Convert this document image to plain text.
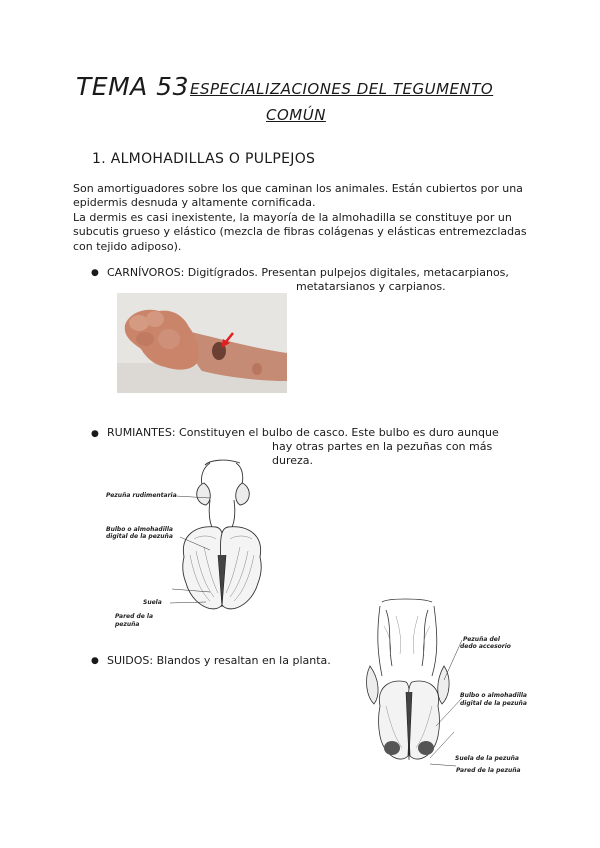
TEMA 53 ESPECIALIZACIONES DEL TEGUMENTO
COMÚN
1. ALMOHADILLAS O PULPEJOS
Son amortiguadores sobre los que caminan los animales. Están cubiertos por una epidermis desnuda y altamente cornificada.
La dermis es casi inexistente, la mayoría de la almohadilla se constituye por un subcutis grueso y elástico (mezcla de fibras colágenas y elásticas entremezcladas con tejido adiposo).
● CARNÍVOROS: Digitígrados. Presentan pulpejos digitales, metacarpianos,
metatarsianos y carpianos.
● RUMIANTES: Constituyen el bulbo de casco. Este bulbo es duro aunque
hay otras partes en la pezuñas con más
dureza.
Pezuña rudimentaria
Bulbo o almohadilla
digital de la pezuña
Suela
Pared de la
pezuña
● SUIDOS: Blandos y resaltan en la planta.
Pezuña del
dedo accesorio
Bulbo o almohadilla
digital de la pezuña
Suela de la pezuña
Pared de la pezuña
